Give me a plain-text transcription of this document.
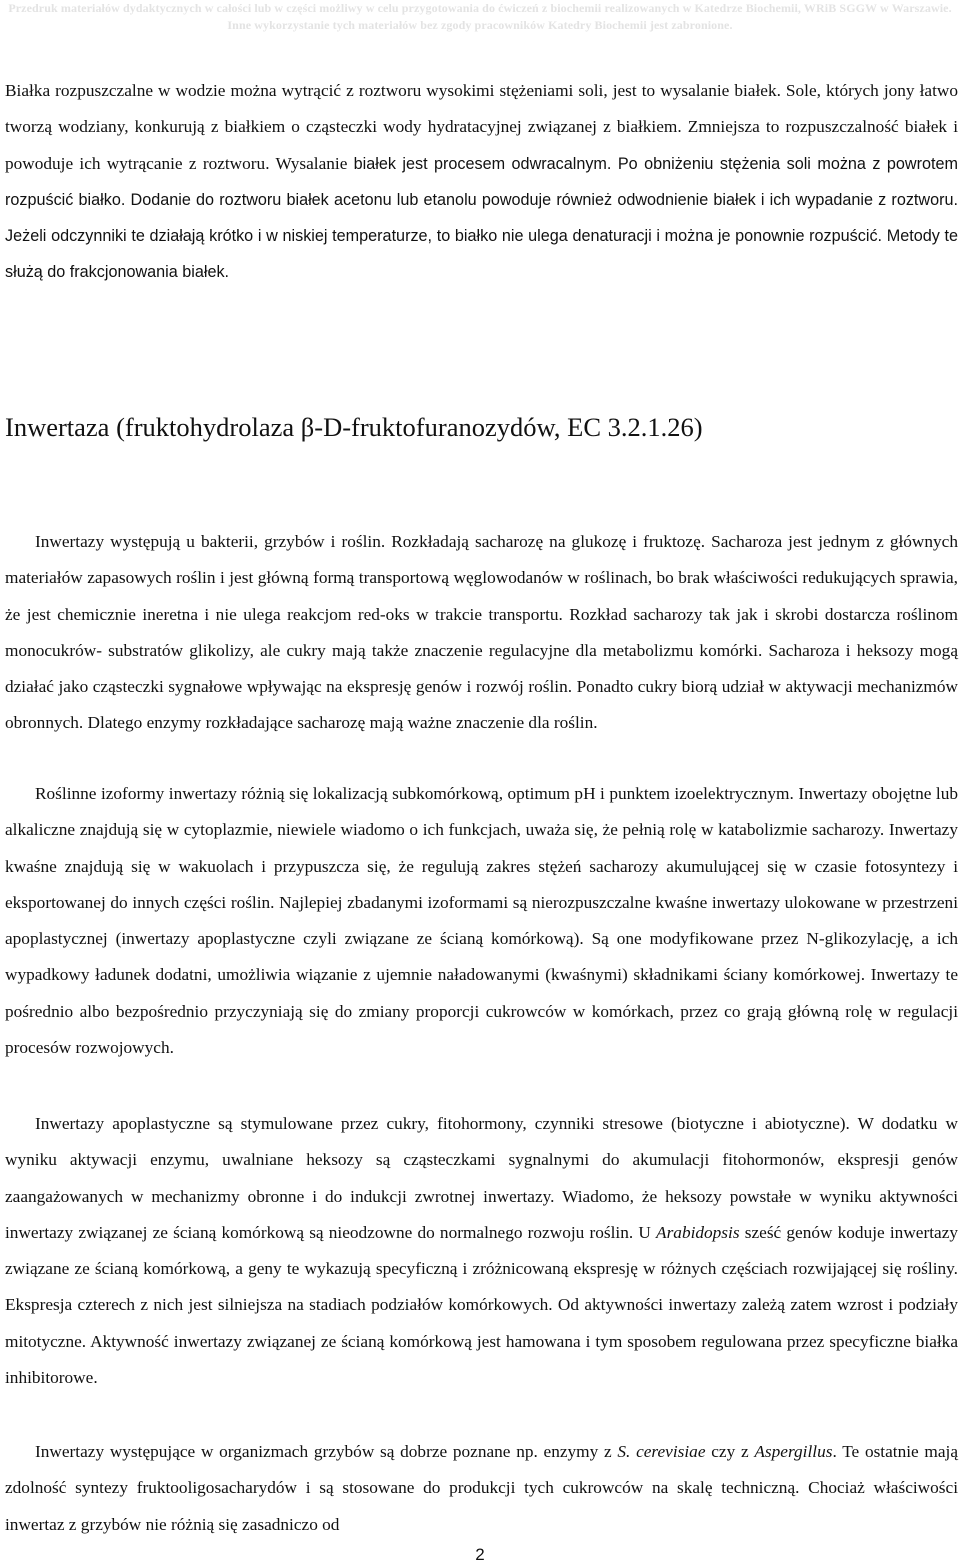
Przedruk materiałów dydaktycznych w całości lub w części możliwy w celu przygotowania do ćwiczeń z biochemii realizowanych w Katedrze Biochemii, WRiB SGGW w Warszawie. Inne wykorzystanie tych materiałów bez zgody pracowników Katedry Biochemii jest zabronione.

Białka rozpuszczalne w wodzie można wytrącić z roztworu wysokimi stężeniami soli, jest to wysalanie białek. Sole, których jony łatwo tworzą wodziany, konkurują z białkiem o cząsteczki wody hydratacyjnej związanej z białkiem. Zmniejsza to rozpuszczalność białek i powoduje ich wytrącanie z roztworu. Wysalanie białek jest procesem odwracalnym. Po obniżeniu stężenia soli można z powrotem rozpuścić białko. Dodanie do roztworu białek acetonu lub etanolu powoduje również odwodnienie białek i ich wypadanie z roztworu. Jeżeli odczynniki te działają krótko i w niskiej temperaturze, to białko nie ulega denaturacji i można je ponownie rozpuścić. Metody te służą do frakcjonowania białek.

Inwertaza (fruktohydrolaza β-D-fruktofuranozydów, EC 3.2.1.26)

Inwertazy występują u bakterii, grzybów i roślin. Rozkładają sacharozę na glukozę i fruktozę. Sacharoza jest jednym z głównych materiałów zapasowych roślin i jest główną formą transportową węglowodanów w roślinach, bo brak właściwości redukujących sprawia, że jest chemicznie ineretna i nie ulega reakcjom red-oks w trakcie transportu. Rozkład sacharozy tak jak i skrobi dostarcza roślinom monocukrów- substratów glikolizy, ale cukry mają także znaczenie regulacyjne dla metabolizmu komórki. Sacharoza i heksozy mogą działać jako cząsteczki sygnałowe wpływając na ekspresję genów i rozwój roślin. Ponadto cukry biorą udział w aktywacji mechanizmów obronnych. Dlatego enzymy rozkładające sacharozę mają ważne znaczenie dla roślin.

Roślinne izoformy inwertazy różnią się lokalizacją subkomórkową, optimum pH i punktem izoelektrycznym. Inwertazy obojętne lub alkaliczne znajdują się w cytoplazmie, niewiele wiadomo o ich funkcjach, uważa się, że pełnią rolę w katabolizmie sacharozy. Inwertazy kwaśne znajdują się w wakuolach i przypuszcza się, że regulują zakres stężeń sacharozy akumulującej się w czasie fotosyntezy i eksportowanej do innych części roślin. Najlepiej zbadanymi izoformami są nierozpuszczalne kwaśne inwertazy ulokowane w przestrzeni apoplastycznej (inwertazy apoplastyczne czyli związane ze ścianą komórkową). Są one modyfikowane przez N-glikozylację, a ich wypadkowy ładunek dodatni, umożliwia wiązanie z ujemnie naładowanymi (kwaśnymi) składnikami ściany komórkowej. Inwertazy te pośrednio albo bezpośrednio przyczyniają się do zmiany proporcji cukrowców w komórkach, przez co grają główną rolę w regulacji procesów rozwojowych.

Inwertazy apoplastyczne są stymulowane przez cukry, fitohormony, czynniki stresowe (biotyczne i abiotyczne). W dodatku w wyniku aktywacji enzymu, uwalniane heksozy są cząsteczkami sygnalnymi do akumulacji fitohormonów, ekspresji genów zaangażowanych w mechanizmy obronne i do indukcji zwrotnej inwertazy. Wiadomo, że heksozy powstałe w wyniku aktywności inwertazy związanej ze ścianą komórkową są nieodzowne do normalnego rozwoju roślin. U Arabidopsis sześć genów koduje inwertazy związane ze ścianą komórkową, a geny te wykazują specyficzną i zróżnicowaną ekspresję w różnych częściach rozwijającej się rośliny. Ekspresja czterech z nich jest silniejsza na stadiach podziałów komórkowych. Od aktywności inwertazy zależą zatem wzrost i podziały mitotyczne. Aktywność inwertazy związanej ze ścianą komórkową jest hamowana i tym sposobem regulowana przez specyficzne białka inhibitorowe.

Inwertazy występujące w organizmach grzybów są dobrze poznane np. enzymy z S. cerevisiae czy z Aspergillus. Te ostatnie mają zdolność syntezy fruktooligosacharydów i są stosowane do produkcji tych cukrowców na skalę techniczną. Chociaż właściwości inwertaz z grzybów nie różnią się zasadniczo od

2
